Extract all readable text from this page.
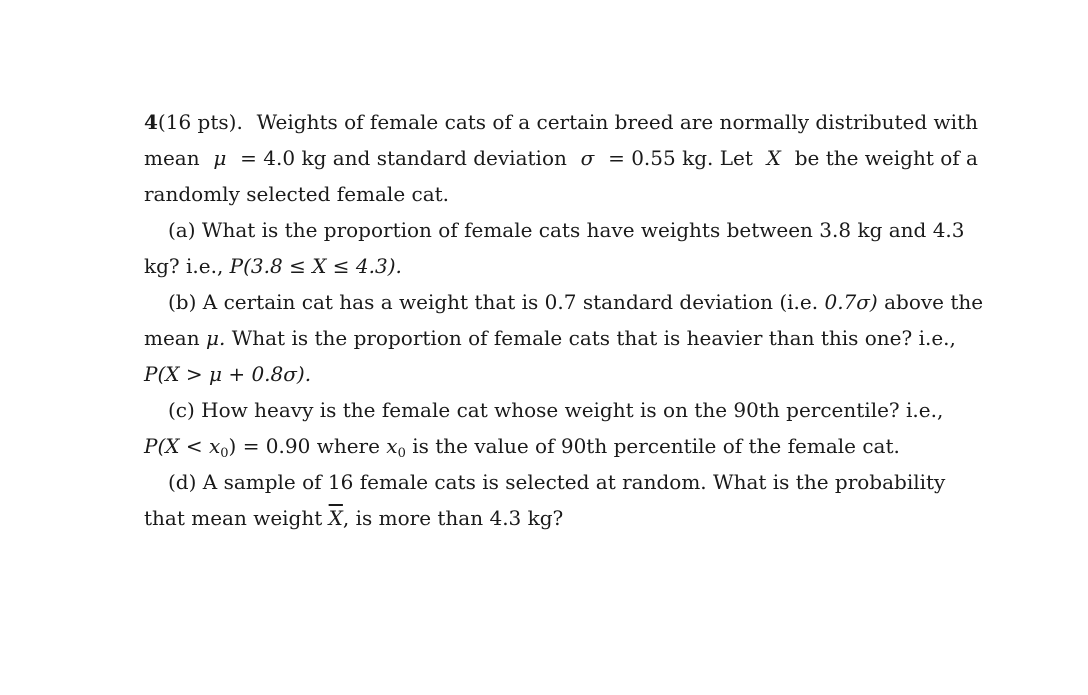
4(16 pts). Weights of female cats of a certain breed are normally distributed with
mean μ = 4.0 kg and standard deviation σ = 0.55 kg. Let X be the weight of a
randomly selected female cat.
(a) What is the proportion of female cats have weights between 3.8 kg and 4.3
kg? i.e., P(3.8 ≤ X ≤ 4.3).
(b) A certain cat has a weight that is 0.7 standard deviation (i.e. 0.7σ) above the
mean μ. What is the proportion of female cats that is heavier than this one? i.e.,
P(X > μ + 0.8σ).
(c) How heavy is the female cat whose weight is on the 90th percentile? i.e.,
$P(X < x_0) = 0.90$ where $x_0$ is the value of 90th percentile of the female cat.
(d) A sample of 16 female cats is selected at random. What is the probability
that mean weight $\overline{X}$, is more than 4.3 kg?
